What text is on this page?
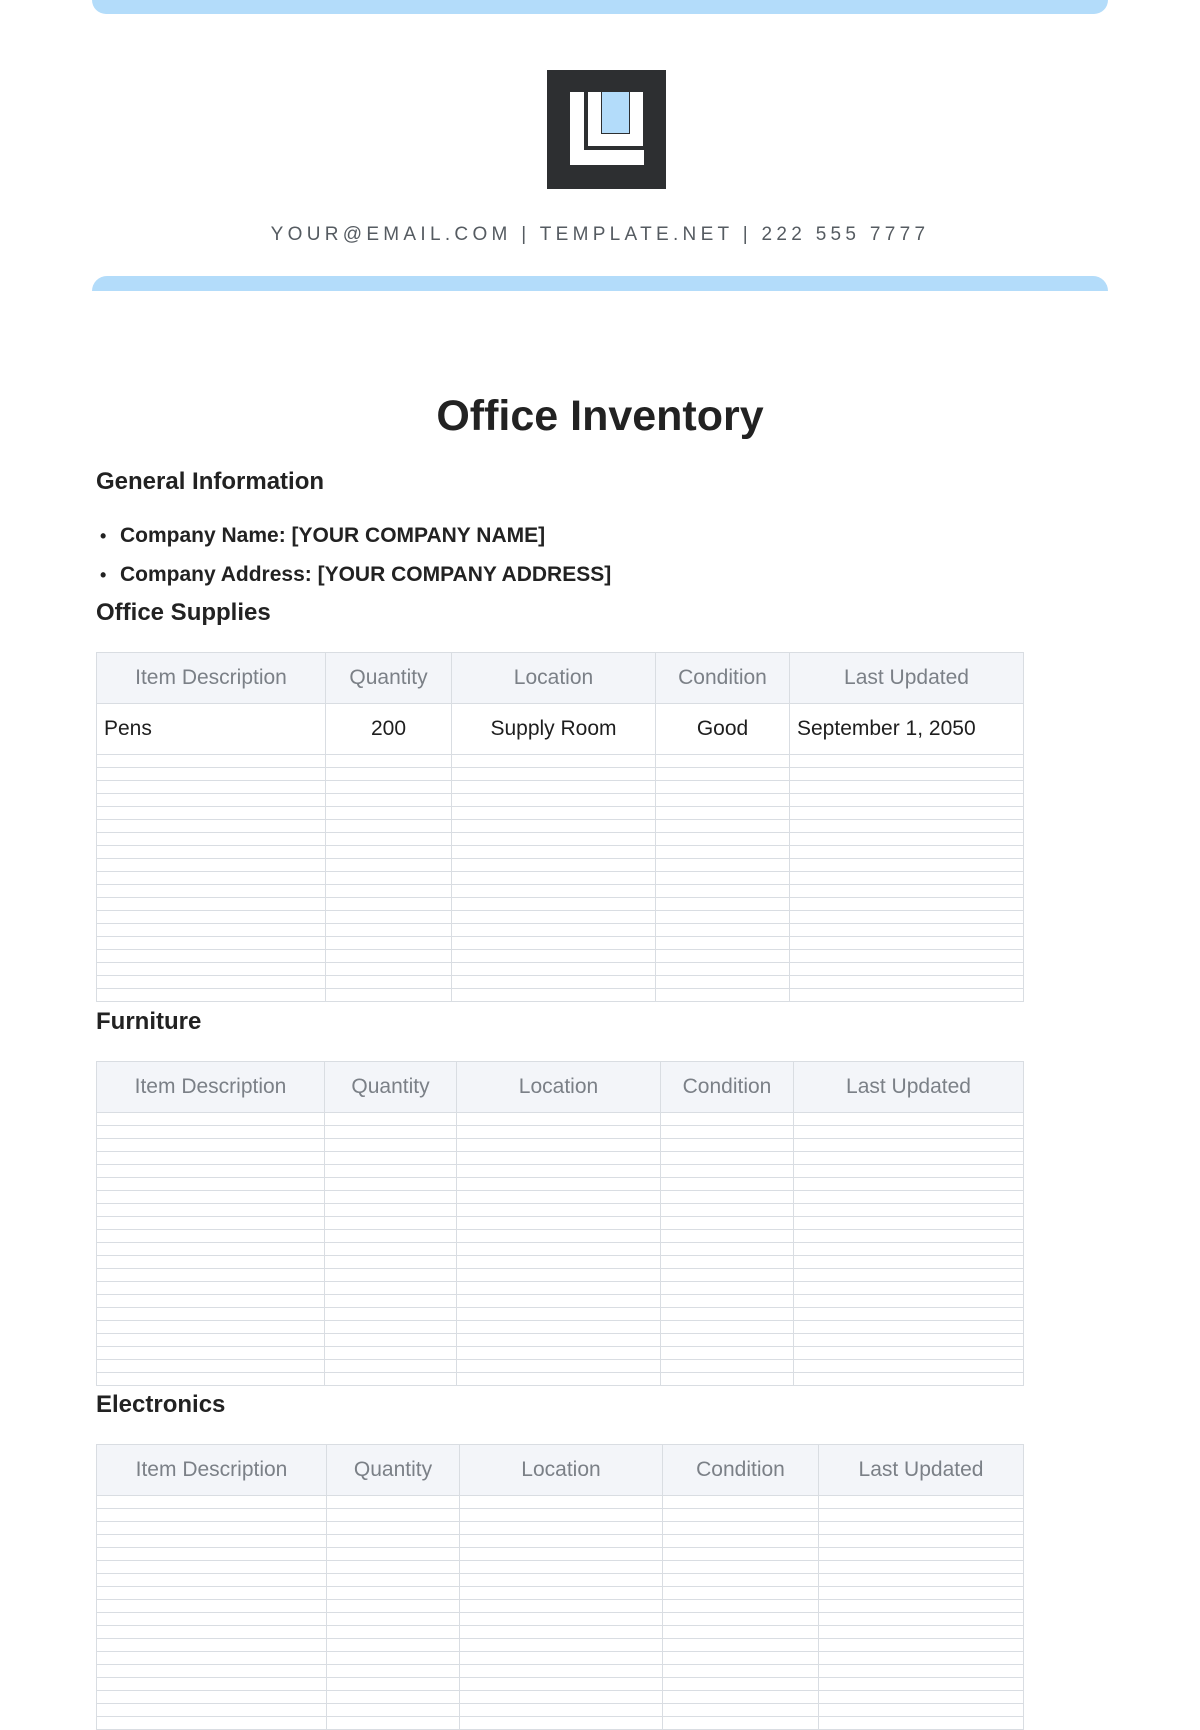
YOUR@EMAIL.COM | TEMPLATE.NET | 222 555 7777
Office Inventory
General Information
• Company Name: [YOUR COMPANY NAME]
• Company Address: [YOUR COMPANY ADDRESS]
Office Supplies
Item Description	Quantity	Location	Condition	Last Updated
Pens	200	Supply Room	Good	September 1, 2050

Furniture
Item Description	Quantity	Location	Condition	Last Updated

Electronics
Item Description	Quantity	Location	Condition	Last Updated
